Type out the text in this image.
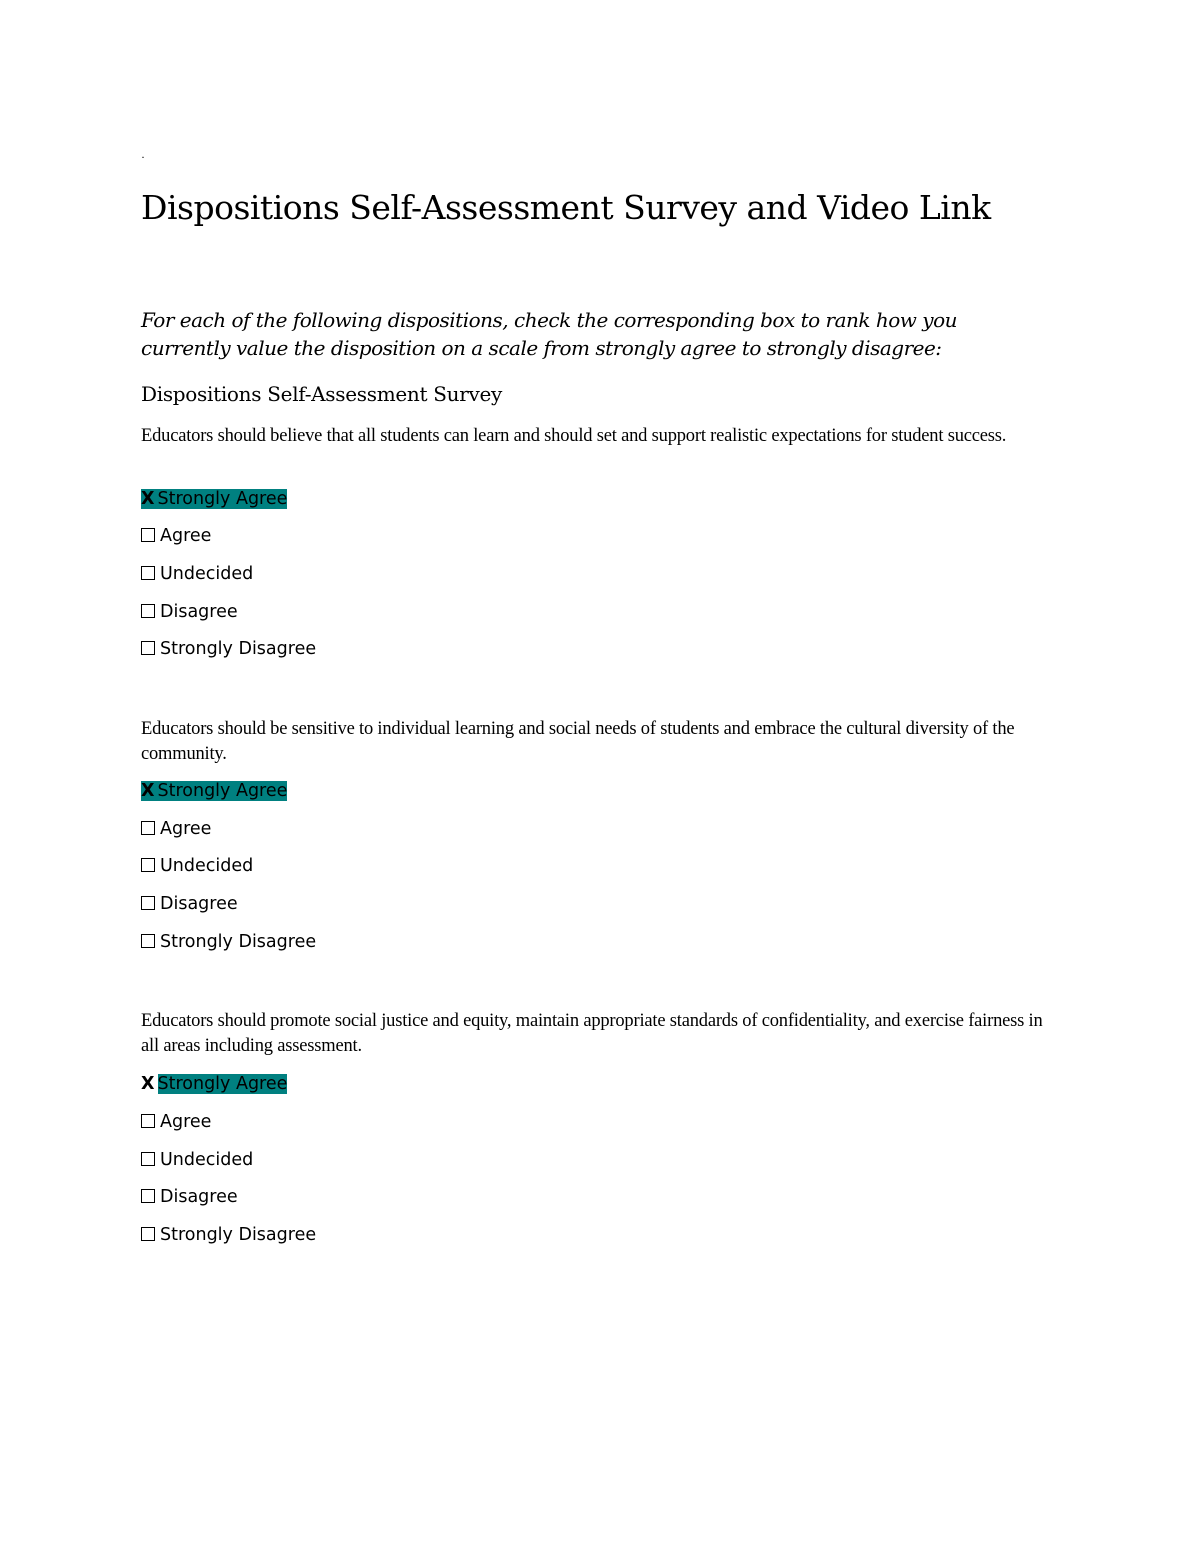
·
Dispositions Self-Assessment Survey and Video Link

For each of the following dispositions, check the corresponding box to rank how you currently value the disposition on a scale from strongly agree to strongly disagree:

Dispositions Self-Assessment Survey

Educators should believe that all students can learn and should set and support realistic expectations for student success.

X Strongly Agree
Agree
Undecided
Disagree
Strongly Disagree

Educators should be sensitive to individual learning and social needs of students and embrace the cultural diversity of the community.

X Strongly Agree
Agree
Undecided
Disagree
Strongly Disagree

Educators should promote social justice and equity, maintain appropriate standards of confidentiality, and exercise fairness in all areas including assessment.

X Strongly Agree
Agree
Undecided
Disagree
Strongly Disagree
